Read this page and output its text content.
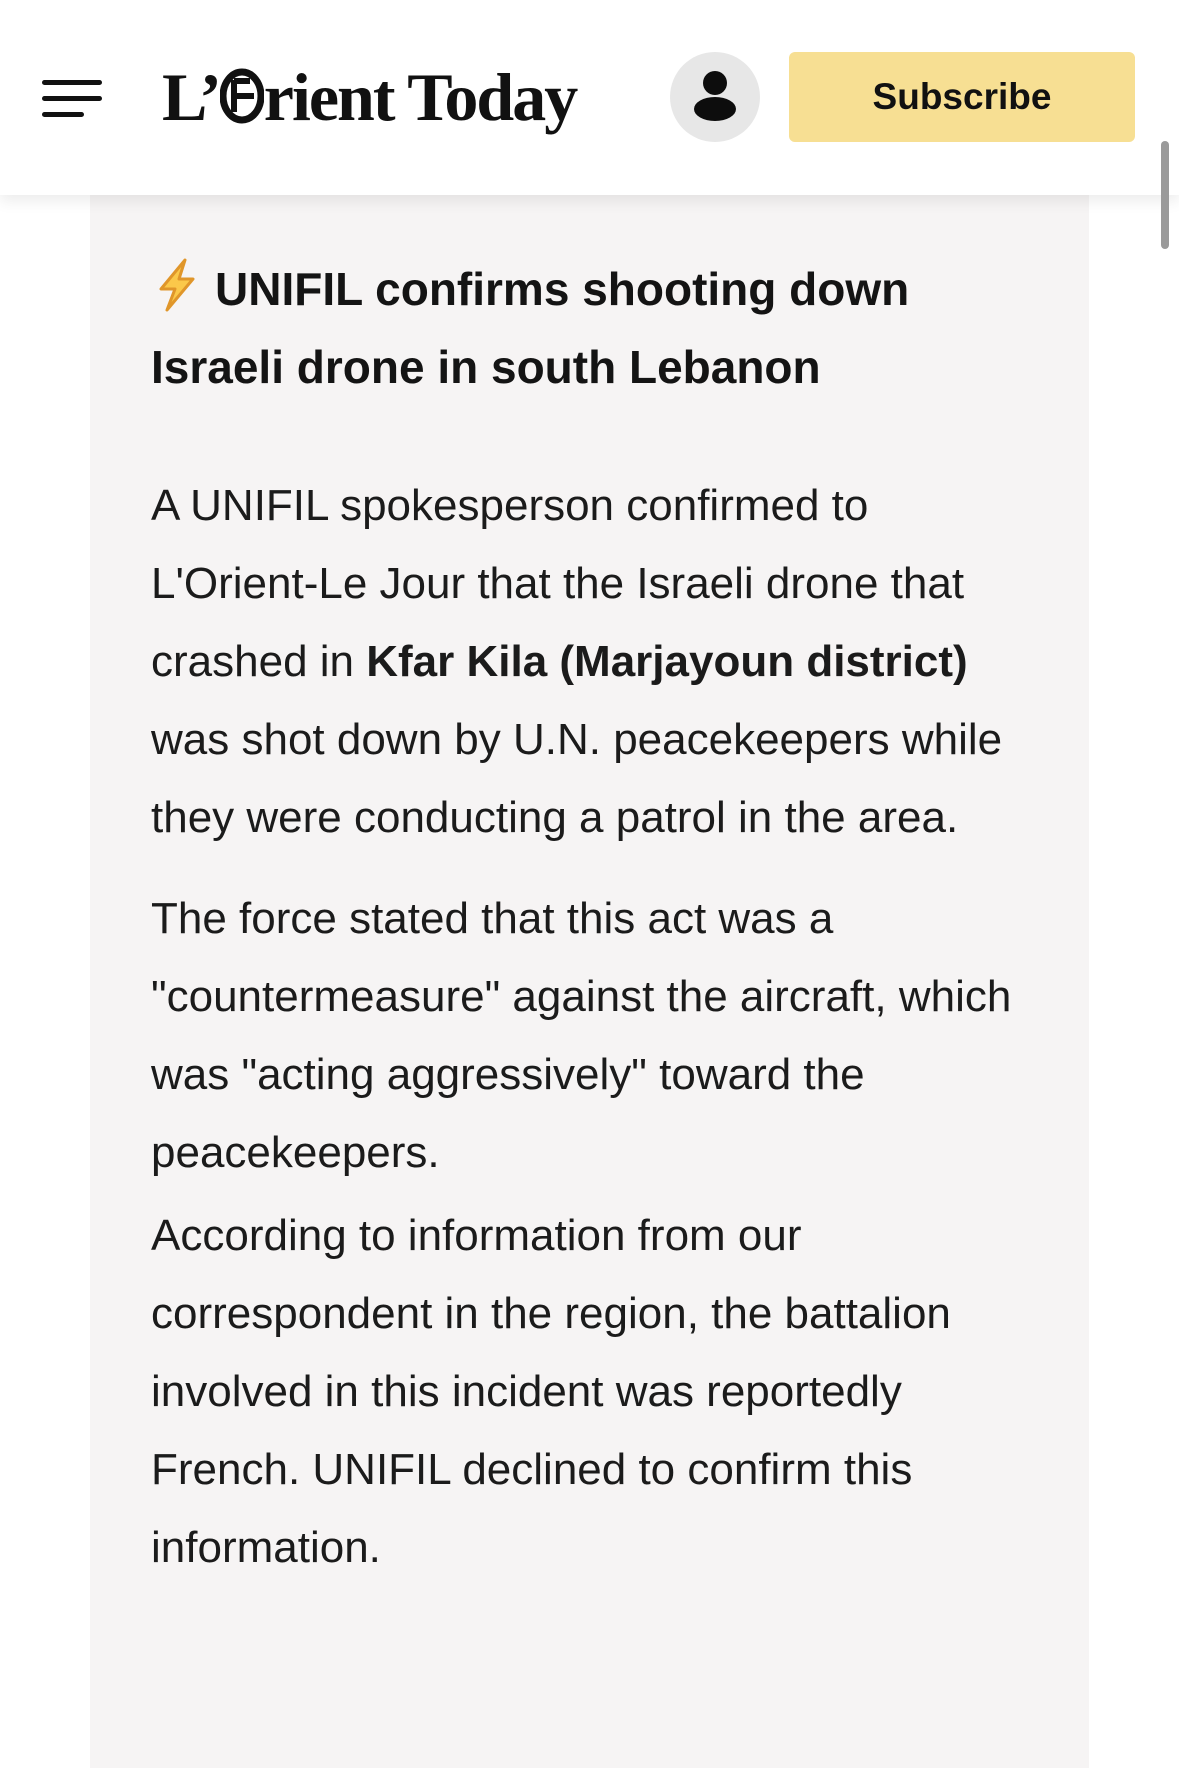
L’ rient Today	Subscribe
UNIFIL confirms shooting down Israeli drone in south Lebanon

A UNIFIL spokesperson confirmed to L'Orient-Le Jour that the Israeli drone that crashed in Kfar Kila (Marjayoun district) was shot down by U.N. peacekeepers while they were conducting a patrol in the area.

The force stated that this act was a "countermeasure" against the aircraft, which was "acting aggressively" toward the peacekeepers.

According to information from our correspondent in the region, the battalion involved in this incident was reportedly French. UNIFIL declined to confirm this information.
